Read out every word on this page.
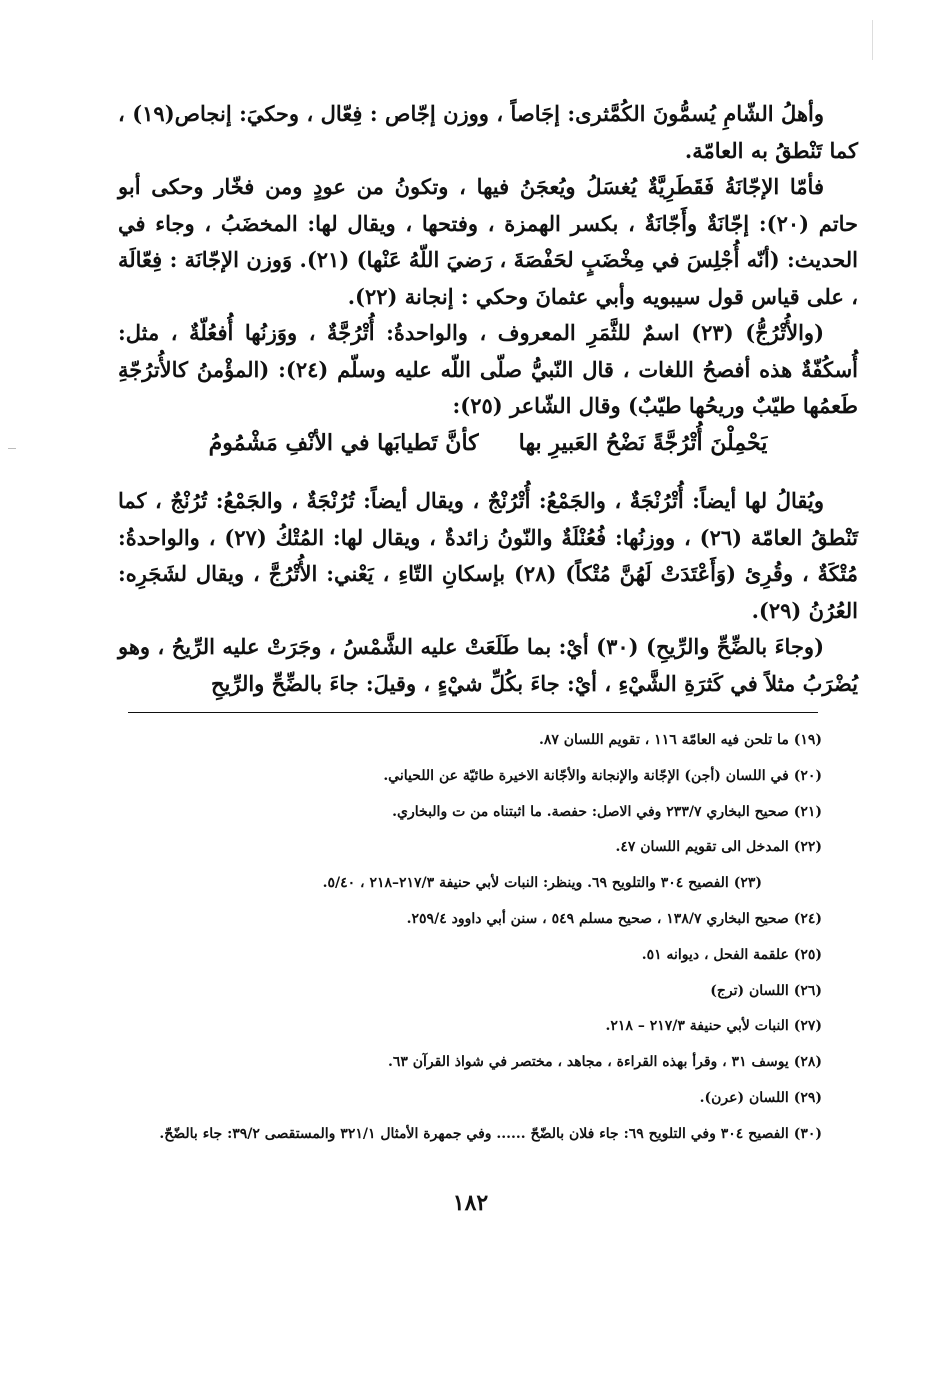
وأهلُ الشّامِ يُسمُّونَ الكُمَّثرى: إجَاصاً ، ووزن إجّاص : فِعّال ، وحكيَ: إنجاص(١٩) ، كما تَنْطقُ به العامّة.

فأمّا الإجّانَةُ فَقَطَرِيَّةٌ يُغسَلُ ويُعجَنُ فيها ، وتكونُ من عودٍ ومن فخّار وحكى أبو حاتم (٢٠): إجّانَةٌ وأَجّانَةٌ ، بكسر الهمزة ، وفتحها ، ويقال لها: المخضَبُ ، وجاء في الحديث: (أنّه أُجْلِسَ في مِخْضَبٍ لحَفْصَةَ ، رَضيَ اللّهُ عَنْها) (٢١). وَوزن الإجّانَة : فِعّالَة ، على قياس قول سيبويه وأبي عثمانَ وحكي : إنجانة (٢٢).

(والأُتْرُجُّ) (٢٣) اسمٌ للثَّمَرِ المعروف ، والواحدةُ: أُتْرُجَّةٌ ، ووَزنُها أُفعُلّةٌ ، مثل: أُسكُفّةٌ هذه أفصحُ اللغات ، قال النّبيُّ صلّى اللّه عليه وسلّم (٢٤): (المؤْمنُ كالأُترُجّةِ طَعمُها طيّبٌ وريحُها طيّبٌ) وقال الشّاعر (٢٥):

يَحْمِلْنَ أُتْرُجَّةً نَضْحُ العَبيرِ بها
كأنَّ تَطيابَها في الأنْفِ مَشْمُومُ

ويُقالُ لها أيضاً: أُتْرُنْجَةٌ ، والجَمْعُ: أُتْرُنْجٌ ، ويقال أيضاً: تُرُنْجَةٌ ، والجَمْعُ: تُرُنْجٌ ، كما تَنْطقُ العامّة (٢٦) ، ووزنُها: فُعُنْلَةٌ والنّونُ زائدةٌ ، ويقال لها: المُتْكُ (٢٧) ، والواحدةُ: مُتْكَةٌ ، وقُرِئ (وَأَعْتَدَتْ لَهُنَّ مُتْكاً) (٢٨) بإسكانِ التّاءِ ، يَعْني: الأُتْرُجَّ ، ويقال لشَجَرِه: العُرُنُ (٢٩).

(وجاءَ بالضِّحِّ والرِّيحِ) (٣٠) أيْ: بما طَلَعَتْ عليه الشَّمْسُ ، وجَرَتْ عليه الرِّيحُ ، وهو يُضْرَبُ مثلاً في كَثرَةِ الشَّيْءِ ، أيْ: جاءَ بكُلِّ شيْءٍ ، وقيلَ: جاءَ بالضِّحِّ والرِّيحِ

(١٩) ما تلحن فيه العامّة ١١٦ ، تقويم اللسان ٨٧.

(٢٠) في اللسان (أجن) الإجّانة والإنجانة والأجّانة الاخيرة طائيّة عن اللحياني.

(٢١) صحيح البخاري ٢٣٣/٧ وفي الاصل: حفصة. ما اثبتناه من ت والبخاري.

(٢٢) المدخل الى تقويم اللسان ٤٧.

(٢٣) الفصيح ٣٠٤ والتلويح ٦٩. وينظر: النبات لأبي حنيفة ٢١٧/٣–٢١٨ ، ٥/٤٠.

(٢٤) صحيح البخاري ١٣٨/٧ ، صحيح مسلم ٥٤٩ ، سنن أبي داوود ٢٥٩/٤.

(٢٥) علقمة الفحل ، ديوانه ٥١.

(٢٦) اللسان (ترج)

(٢٧) النبات لأبي حنيفة ٢١٧/٣ – ٢١٨.

(٢٨) يوسف ٣١ ، وقرأ بهذه القراءة ، مجاهد ، مختصر في شواذ القرآن ٦٣.

(٢٩) اللسان (عرن).

(٣٠) الفصيح ٣٠٤ وفي التلويح ٦٩: جاء فلان بالضّحّ ...... وفي جمهرة الأمثال ٣٢١/١ والمستقصى ٣٩/٢: جاء بالضّحّ.

١٨٢
